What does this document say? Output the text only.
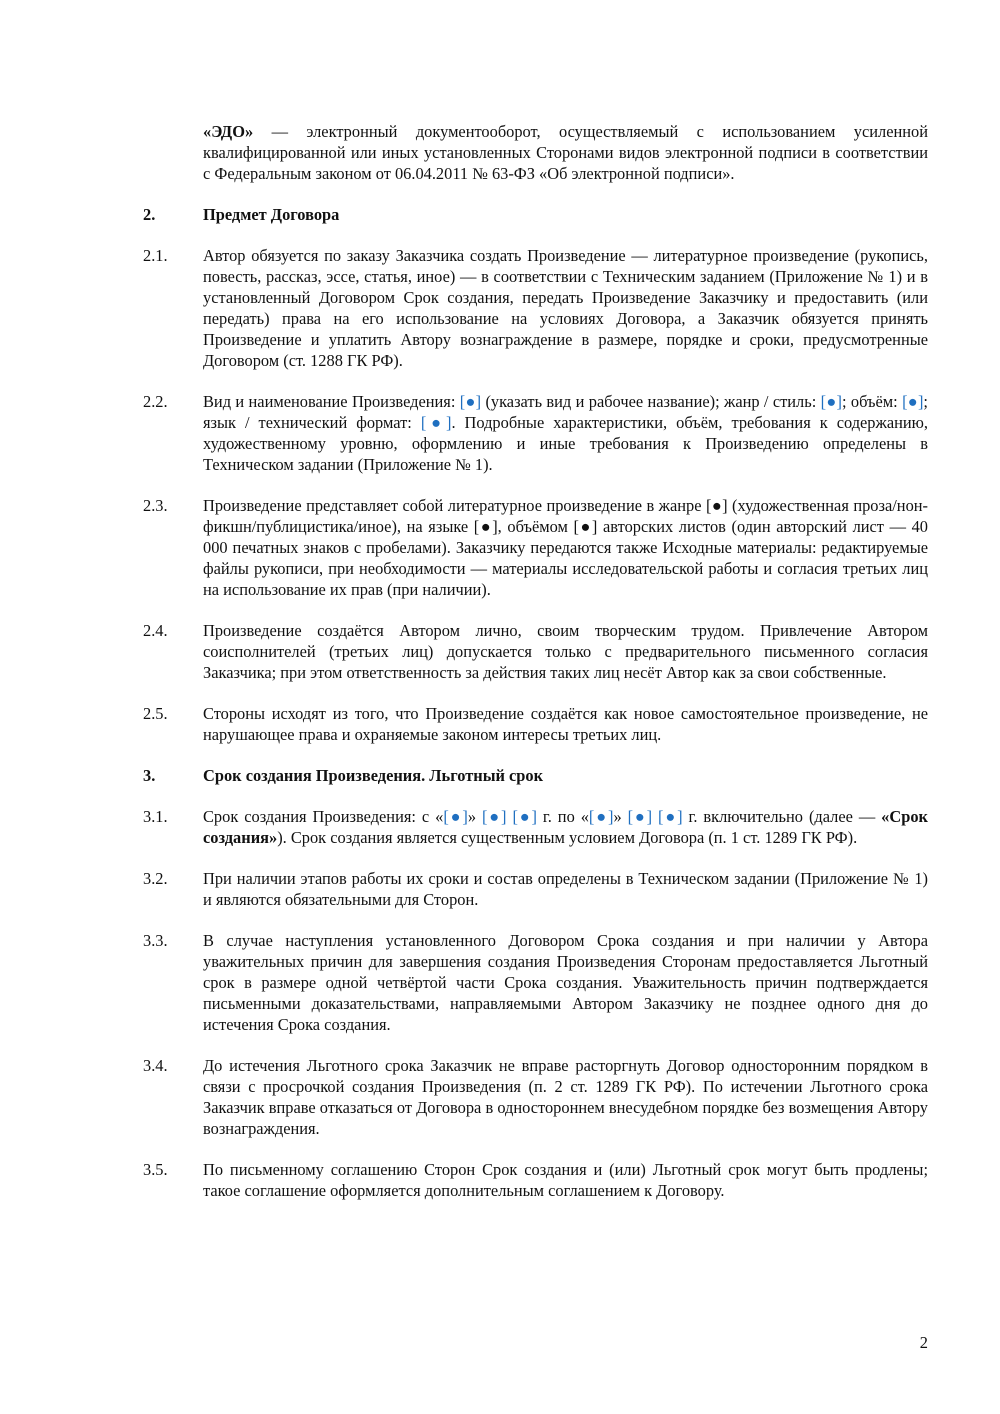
«ЭДО» — электронный документооборот, осуществляемый с использованием усиленной квалифицированной или иных установленных Сторонами видов электронной подписи в соответствии с Федеральным законом от 06.04.2011 № 63-ФЗ «Об электронной подписи».

2.	Предмет Договора
2.1.	Автор обязуется по заказу Заказчика создать Произведение — литературное произведение (рукопись, повесть, рассказ, эссе, статья, иное) — в соответствии с Техническим заданием (Приложение № 1) и в установленный Договором Срок создания, передать Произведение Заказчику и предоставить (или передать) права на его использование на условиях Договора, а Заказчик обязуется принять Произведение и уплатить Автору вознаграждение в размере, порядке и сроки, предусмотренные Договором (ст. 1288 ГК РФ).
2.2.	Вид и наименование Произведения: [●] (указать вид и рабочее название); жанр / стиль: [●]; объём: [●]; язык / технический формат: [●]. Подробные характеристики, объём, требования к содержанию, художественному уровню, оформлению и иные требования к Произведению определены в Техническом задании (Приложение № 1).
2.3.	Произведение представляет собой литературное произведение в жанре [●] (художественная проза/нон-фикшн/публицистика/иное), на языке [●], объёмом [●] авторских листов (один авторский лист — 40 000 печатных знаков с пробелами). Заказчику передаются также Исходные материалы: редактируемые файлы рукописи, при необходимости — материалы исследовательской работы и согласия третьих лиц на использование их прав (при наличии).
2.4.	Произведение создаётся Автором лично, своим творческим трудом. Привлечение Автором соисполнителей (третьих лиц) допускается только с предварительного письменного согласия Заказчика; при этом ответственность за действия таких лиц несёт Автор как за свои собственные.
2.5.	Стороны исходят из того, что Произведение создаётся как новое самостоятельное произведение, не нарушающее права и охраняемые законом интересы третьих лиц.
3.	Срок создания Произведения. Льготный срок
3.1.	Срок создания Произведения: с «[●]» [●] [●] г. по «[●]» [●] [●] г. включительно (далее — «Срок создания»). Срок создания является существенным условием Договора (п. 1 ст. 1289 ГК РФ).
3.2.	При наличии этапов работы их сроки и состав определены в Техническом задании (Приложение № 1) и являются обязательными для Сторон.
3.3.	В случае наступления установленного Договором Срока создания и при наличии у Автора уважительных причин для завершения создания Произведения Сторонам предоставляется Льготный срок в размере одной четвёртой части Срока создания. Уважительность причин подтверждается письменными доказательствами, направляемыми Автором Заказчику не позднее одного дня до истечения Срока создания.
3.4.	До истечения Льготного срока Заказчик не вправе расторгнуть Договор односторонним порядком в связи с просрочкой создания Произведения (п. 2 ст. 1289 ГК РФ). По истечении Льготного срока Заказчик вправе отказаться от Договора в одностороннем внесудебном порядке без возмещения Автору вознаграждения.
3.5.	По письменному соглашению Сторон Срок создания и (или) Льготный срок могут быть продлены; такое соглашение оформляется дополнительным соглашением к Договору.
2
